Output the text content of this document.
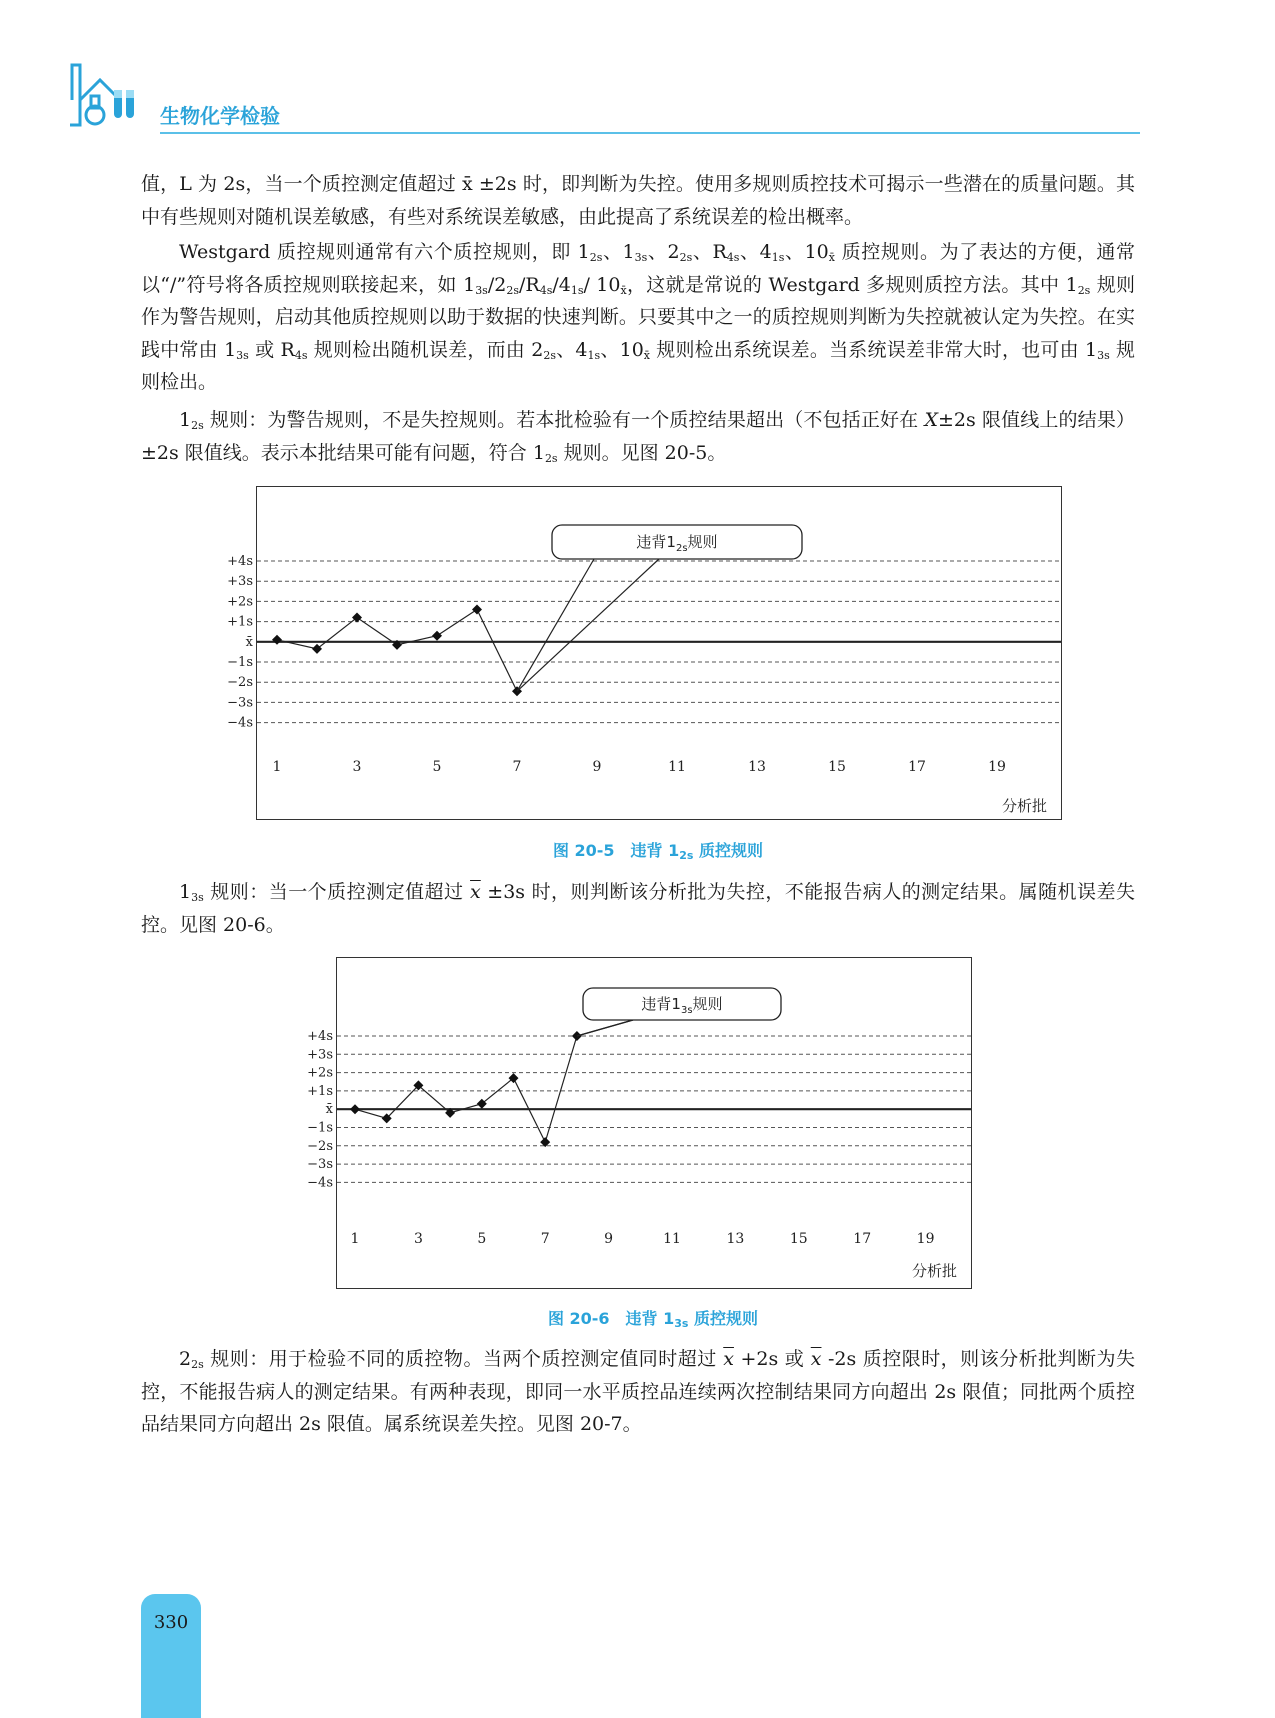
生物化学检验

值，L 为 2s，当一个质控测定值超过 x̄ ±2s 时，即判断为失控。使用多规则质控技术可揭示一些潜在的质量问题。其中有些规则对随机误差敏感，有些对系统误差敏感，由此提高了系统误差的检出概率。

Westgard 质控规则通常有六个质控规则，即 $1_{2s}$、$1_{3s}$、$2_{2s}$、$R_{4s}$、$4_{1s}$、$10_{x̄}$ 质控规则。为了表达的方便，通常以“/”符号将各质控规则联接起来，如 $1_{3s}/2_{2s}/R_{4s}/4_{1s}/$ $10_{x̄}$，这就是常说的 Westgard 多规则质控方法。其中 $1_{2s}$ 规则作为警告规则，启动其他质控规则以助于数据的快速判断。只要其中之一的质控规则判断为失控就被认定为失控。在实践中常由 $1_{3s}$ 或 $R_{4s}$ 规则检出随机误差，而由 $2_{2s}$、$4_{1s}$、$10_{x̄}$ 规则检出系统误差。当系统误差非常大时，也可由 $1_{3s}$ 规则检出。

$1_{2s}$ 规则：为警告规则，不是失控规则。若本批检验有一个质控结果超出（不包括正好在 X±2s 限值线上的结果）±2s 限值线。表示本批结果可能有问题，符合 $1_{2s}$ 规则。见图 20-5。

+4s
+3s
+2s
+1s
x̄
−1s
−2s
−3s
−4s
1	3	5	7	9	11	13	15	17	19
分析批
违背$1_{2s}$规则
图 20-5　违背 $1_{2s}$ 质控规则

$1_{3s}$ 规则：当一个质控测定值超过 $\overline{x} \pm 3s$ 时，则判断该分析批为失控，不能报告病人的测定结果。属随机误差失控。见图 20-6。

+4s
+3s
+2s
+1s
x̄
−1s
−2s
−3s
−4s
1	3	5	7	9	11	13	15	17	19
分析批
违背$1_{3s}$规则
图 20-6　违背 $1_{3s}$ 质控规则

$2_{2s}$ 规则：用于检验不同的质控物。当两个质控测定值同时超过 $\overline{x} +2s$ 或 $\overline{x}$ -2s 质控限时，则该分析批判断为失控，不能报告病人的测定结果。有两种表现，即同一水平质控品连续两次控制结果同方向超出 2s 限值；同批两个质控品结果同方向超出 2s 限值。属系统误差失控。见图 20-7。

330
